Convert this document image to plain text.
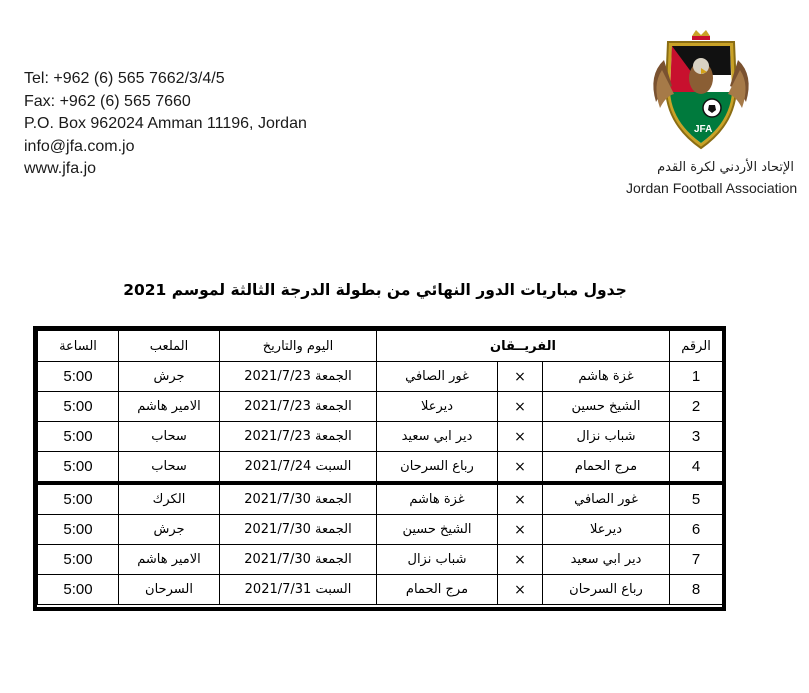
Tel: +962 (6) 565 7662/3/4/5
Fax: +962 (6) 565 7660
P.O. Box 962024 Amman 11196, Jordan
info@jfa.com.jo
www.jfa.jo
JFA
الإتحاد الأردني لكرة القدم
Jordan Football Association
جدول مباريات الدور النهائي من بطولة الدرجة الثالثة لموسم 2021
الرقم	الفريــقان			اليوم والتاريخ	الملعب	الساعة
1	غزة هاشم	×	غور الصافي	الجمعة 2021/7/23	جرش	5:00
2	الشيخ حسين	×	ديرعلا	الجمعة 2021/7/23	الامير هاشم	5:00
3	شباب نزال	×	دير ابي سعيد	الجمعة 2021/7/23	سحاب	5:00
4	مرج الحمام	×	رباع السرحان	السبت 2021/7/24	سحاب	5:00
5	غور الصافي	×	غزة هاشم	الجمعة 2021/7/30	الكرك	5:00
6	ديرعلا	×	الشيخ حسين	الجمعة 2021/7/30	جرش	5:00
7	دير ابي سعيد	×	شباب نزال	الجمعة 2021/7/30	الامير هاشم	5:00
8	رباع السرحان	×	مرج الحمام	السبت 2021/7/31	السرحان	5:00
